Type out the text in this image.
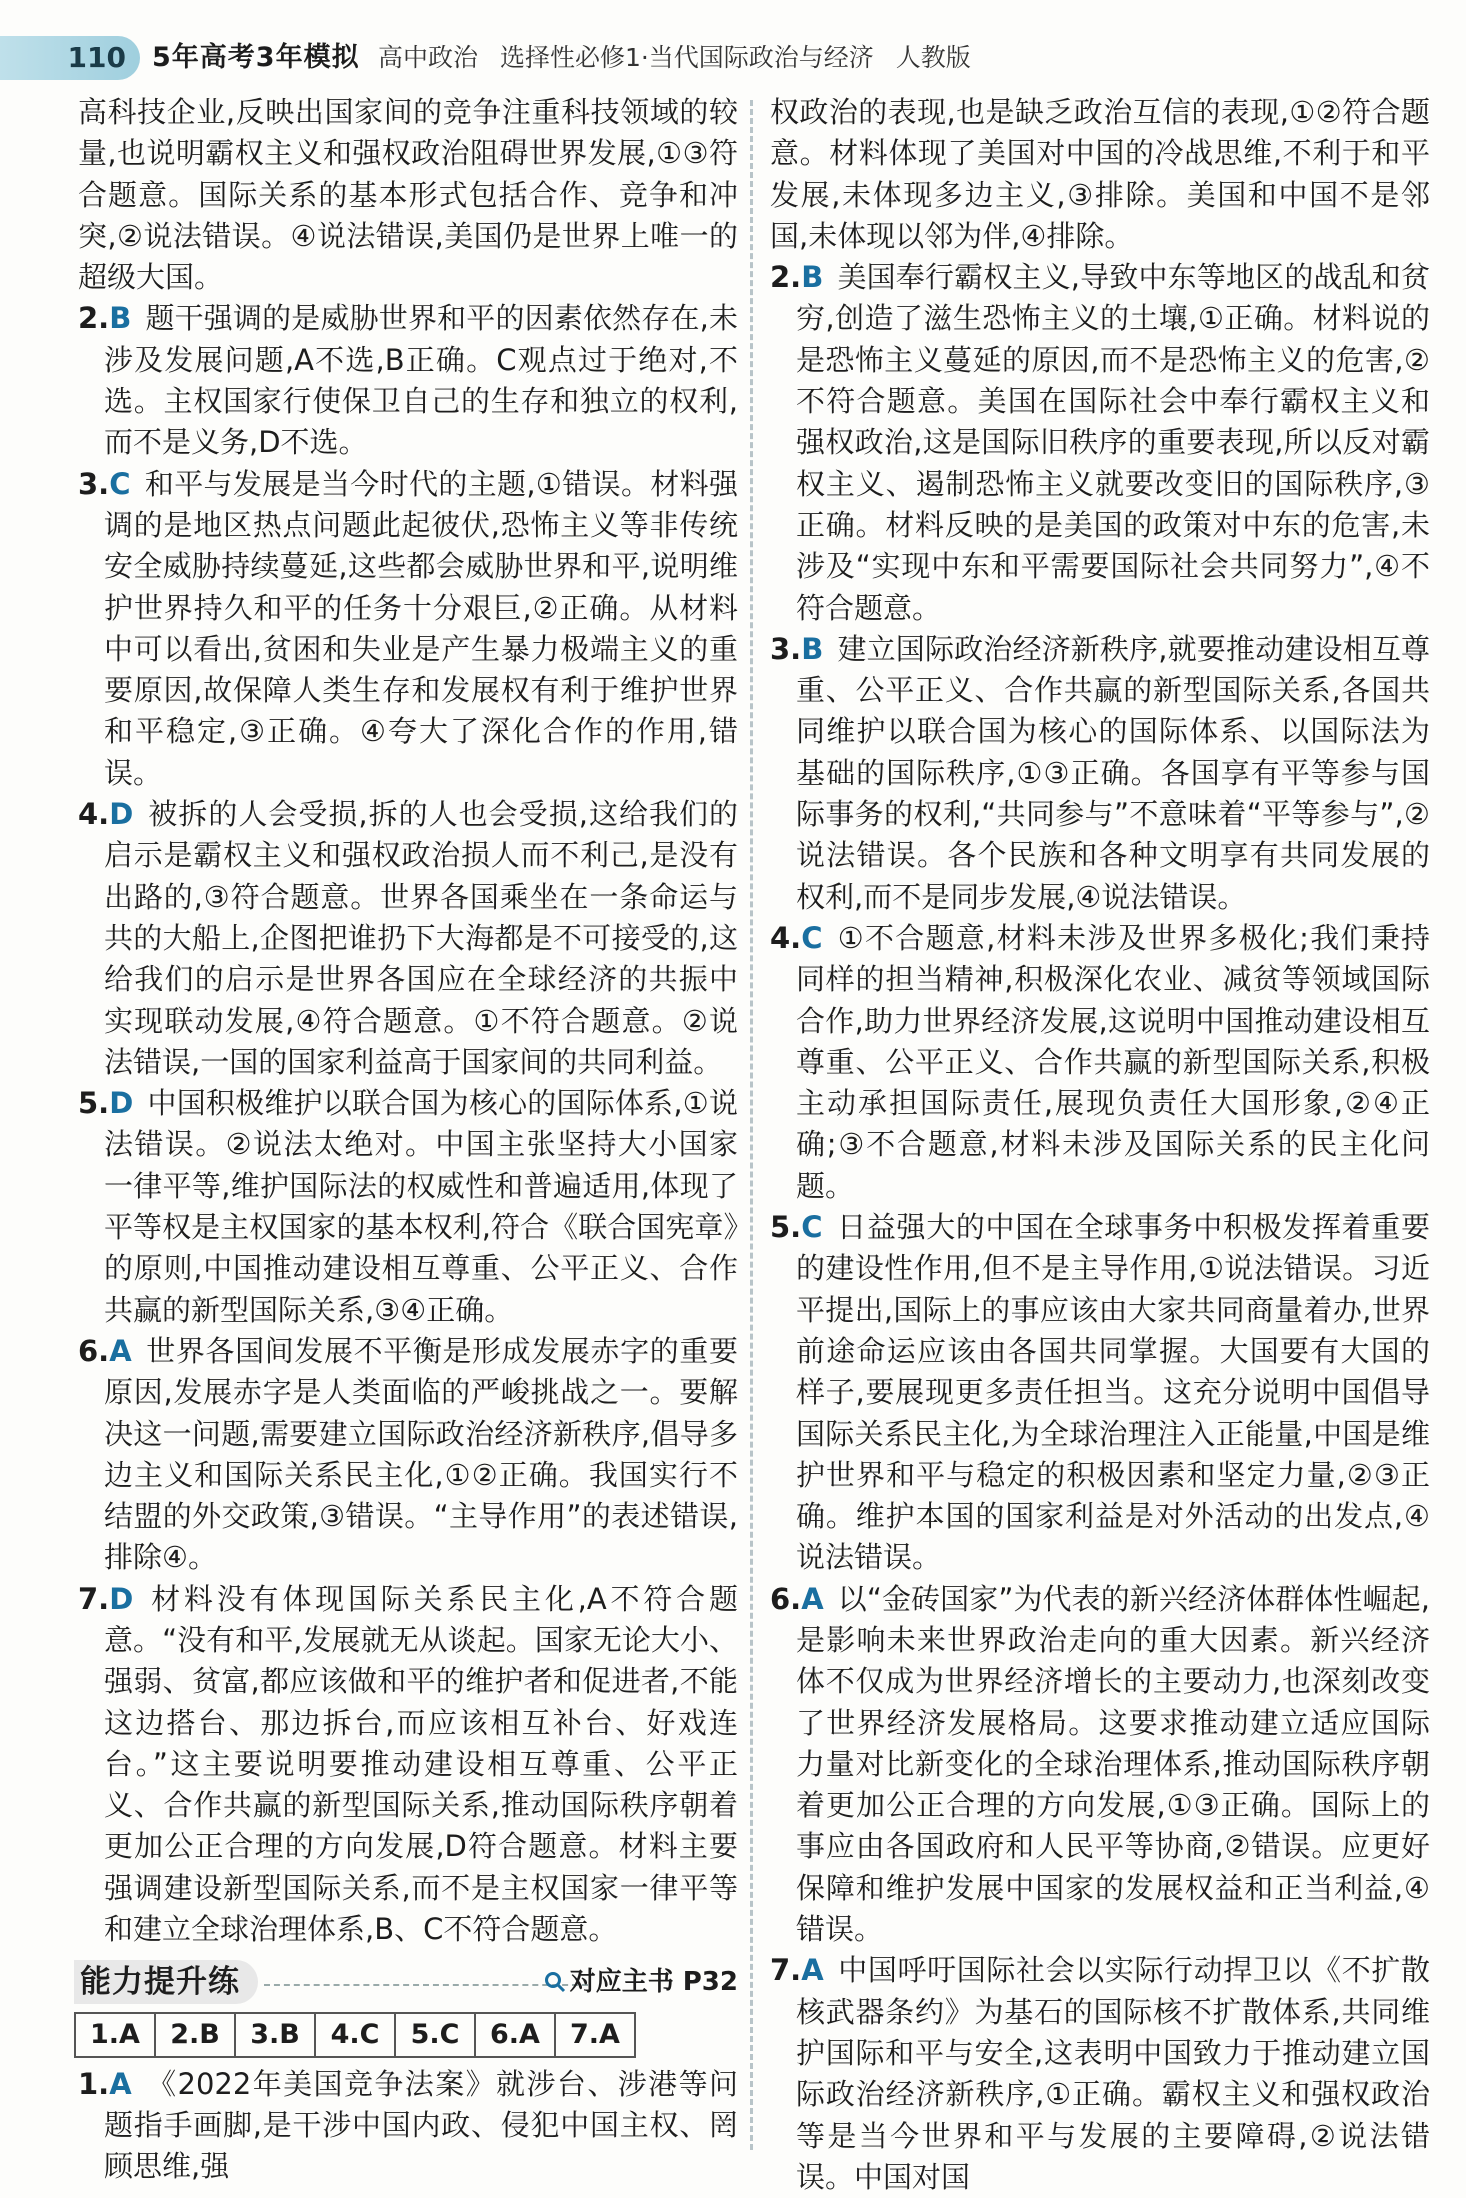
110 5年高考3年模拟 高中政治 选择性必修1·当代国际政治与经济 人教版

高科技企业,反映出国家间的竞争注重科技领域的较量,也说明霸权主义和强权政治阻碍世界发展,①③符合题意。国际关系的基本形式包括合作、竞争和冲突,②说法错误。④说法错误,美国仍是世界上唯一的超级大国。

2.B 题干强调的是威胁世界和平的因素依然存在,未涉及发展问题,A不选,B正确。C观点过于绝对,不选。主权国家行使保卫自己的生存和独立的权利,而不是义务,D不选。

3.C 和平与发展是当今时代的主题,①错误。材料强调的是地区热点问题此起彼伏,恐怖主义等非传统安全威胁持续蔓延,这些都会威胁世界和平,说明维护世界持久和平的任务十分艰巨,②正确。从材料中可以看出,贫困和失业是产生暴力极端主义的重要原因,故保障人类生存和发展权有利于维护世界和平稳定,③正确。④夸大了深化合作的作用,错误。

4.D 被拆的人会受损,拆的人也会受损,这给我们的启示是霸权主义和强权政治损人而不利己,是没有出路的,③符合题意。世界各国乘坐在一条命运与共的大船上,企图把谁扔下大海都是不可接受的,这给我们的启示是世界各国应在全球经济的共振中实现联动发展,④符合题意。①不符合题意。②说法错误,一国的国家利益高于国家间的共同利益。

5.D 中国积极维护以联合国为核心的国际体系,①说法错误。②说法太绝对。中国主张坚持大小国家一律平等,维护国际法的权威性和普遍适用,体现了平等权是主权国家的基本权利,符合《联合国宪章》的原则,中国推动建设相互尊重、公平正义、合作共赢的新型国际关系,③④正确。

6.A 世界各国间发展不平衡是形成发展赤字的重要原因,发展赤字是人类面临的严峻挑战之一。要解决这一问题,需要建立国际政治经济新秩序,倡导多边主义和国际关系民主化,①②正确。我国实行不结盟的外交政策,③错误。“主导作用”的表述错误,排除④。

7.D 材料没有体现国际关系民主化,A不符合题意。“没有和平,发展就无从谈起。国家无论大小、强弱、贫富,都应该做和平的维护者和促进者,不能这边搭台、那边拆台,而应该相互补台、好戏连台。”这主要说明要推动建设相互尊重、公平正义、合作共赢的新型国际关系,推动国际秩序朝着更加公正合理的方向发展,D符合题意。材料主要强调建设新型国际关系,而不是主权国家一律平等和建立全球治理体系,B、C不符合题意。

能力提升练	对应主书 P32
1.A	2.B	3.B	4.C	5.C	6.A	7.A

1.A 《2022年美国竞争法案》就涉台、涉港等问题指手画脚,是干涉中国内政、侵犯中国主权、罔顾思维,强

权政治的表现,也是缺乏政治互信的表现,①②符合题意。材料体现了美国对中国的冷战思维,不利于和平发展,未体现多边主义,③排除。美国和中国不是邻国,未体现以邻为伴,④排除。

2.B 美国奉行霸权主义,导致中东等地区的战乱和贫穷,创造了滋生恐怖主义的土壤,①正确。材料说的是恐怖主义蔓延的原因,而不是恐怖主义的危害,②不符合题意。美国在国际社会中奉行霸权主义和强权政治,这是国际旧秩序的重要表现,所以反对霸权主义、遏制恐怖主义就要改变旧的国际秩序,③正确。材料反映的是美国的政策对中东的危害,未涉及“实现中东和平需要国际社会共同努力”,④不符合题意。

3.B 建立国际政治经济新秩序,就要推动建设相互尊重、公平正义、合作共赢的新型国际关系,各国共同维护以联合国为核心的国际体系、以国际法为基础的国际秩序,①③正确。各国享有平等参与国际事务的权利,“共同参与”不意味着“平等参与”,②说法错误。各个民族和各种文明享有共同发展的权利,而不是同步发展,④说法错误。

4.C ①不合题意,材料未涉及世界多极化;我们秉持同样的担当精神,积极深化农业、减贫等领域国际合作,助力世界经济发展,这说明中国推动建设相互尊重、公平正义、合作共赢的新型国际关系,积极主动承担国际责任,展现负责任大国形象,②④正确;③不合题意,材料未涉及国际关系的民主化问题。

5.C 日益强大的中国在全球事务中积极发挥着重要的建设性作用,但不是主导作用,①说法错误。习近平提出,国际上的事应该由大家共同商量着办,世界前途命运应该由各国共同掌握。大国要有大国的样子,要展现更多责任担当。这充分说明中国倡导国际关系民主化,为全球治理注入正能量,中国是维护世界和平与稳定的积极因素和坚定力量,②③正确。维护本国的国家利益是对外活动的出发点,④说法错误。

6.A 以“金砖国家”为代表的新兴经济体群体性崛起,是影响未来世界政治走向的重大因素。新兴经济体不仅成为世界经济增长的主要动力,也深刻改变了世界经济发展格局。这要求推动建立适应国际力量对比新变化的全球治理体系,推动国际秩序朝着更加公正合理的方向发展,①③正确。国际上的事应由各国政府和人民平等协商,②错误。应更好保障和维护发展中国家的发展权益和正当利益,④错误。

7.A 中国呼吁国际社会以实际行动捍卫以《不扩散核武器条约》为基石的国际核不扩散体系,共同维护国际和平与安全,这表明中国致力于推动建立国际政治经济新秩序,①正确。霸权主义和强权政治等是当今世界和平与发展的主要障碍,②说法错误。中国对国
